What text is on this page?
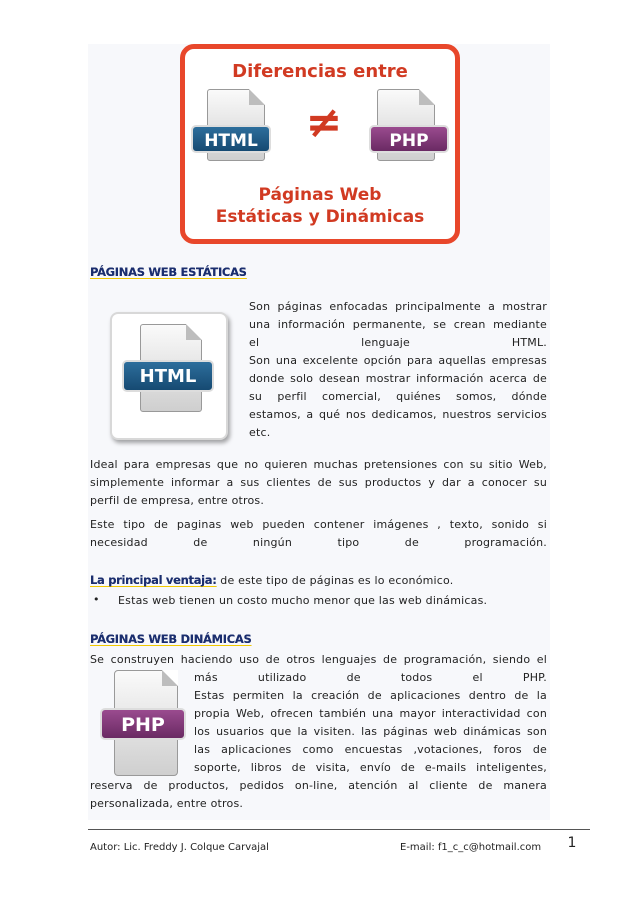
Diferencias entre
HTML	≠	PHP
Páginas Web
Estáticas y Dinámicas
PÁGINAS WEB ESTÁTICAS
HTML
Son páginas enfocadas principalmente a mostrar
una información permanente, se crean mediante
el lenguaje HTML.
Son una excelente opción para aquellas empresas
donde solo desean mostrar información acerca de
su perfil comercial, quiénes somos, dónde
estamos, a qué nos dedicamos, nuestros servicios
etc.
Ideal para empresas que no quieren muchas pretensiones con su sitio Web,
simplemente informar a sus clientes de sus productos y dar a conocer su
perfil de empresa, entre otros.
Este tipo de paginas web pueden contener imágenes , texto, sonido si
necesidad de ningún tipo de programación.
La principal ventaja: de este tipo de páginas es lo económico.
• Estas web tienen un costo mucho menor que las web dinámicas.
PÁGINAS WEB DINÁMICAS
Se construyen haciendo uso de otros lenguajes de programación, siendo el
PHP
más utilizado de todos el PHP.
Estas permiten la creación de aplicaciones dentro de la
propia Web, ofrecen también una mayor interactividad con
los usuarios que la visiten. las páginas web dinámicas son
las aplicaciones como encuestas ,votaciones, foros de
soporte, libros de visita, envío de e-mails inteligentes,
reserva de productos, pedidos on-line, atención al cliente de manera
personalizada, entre otros.
Autor: Lic. Freddy J. Colque Carvajal	E-mail: f1_c_c@hotmail.com	1
